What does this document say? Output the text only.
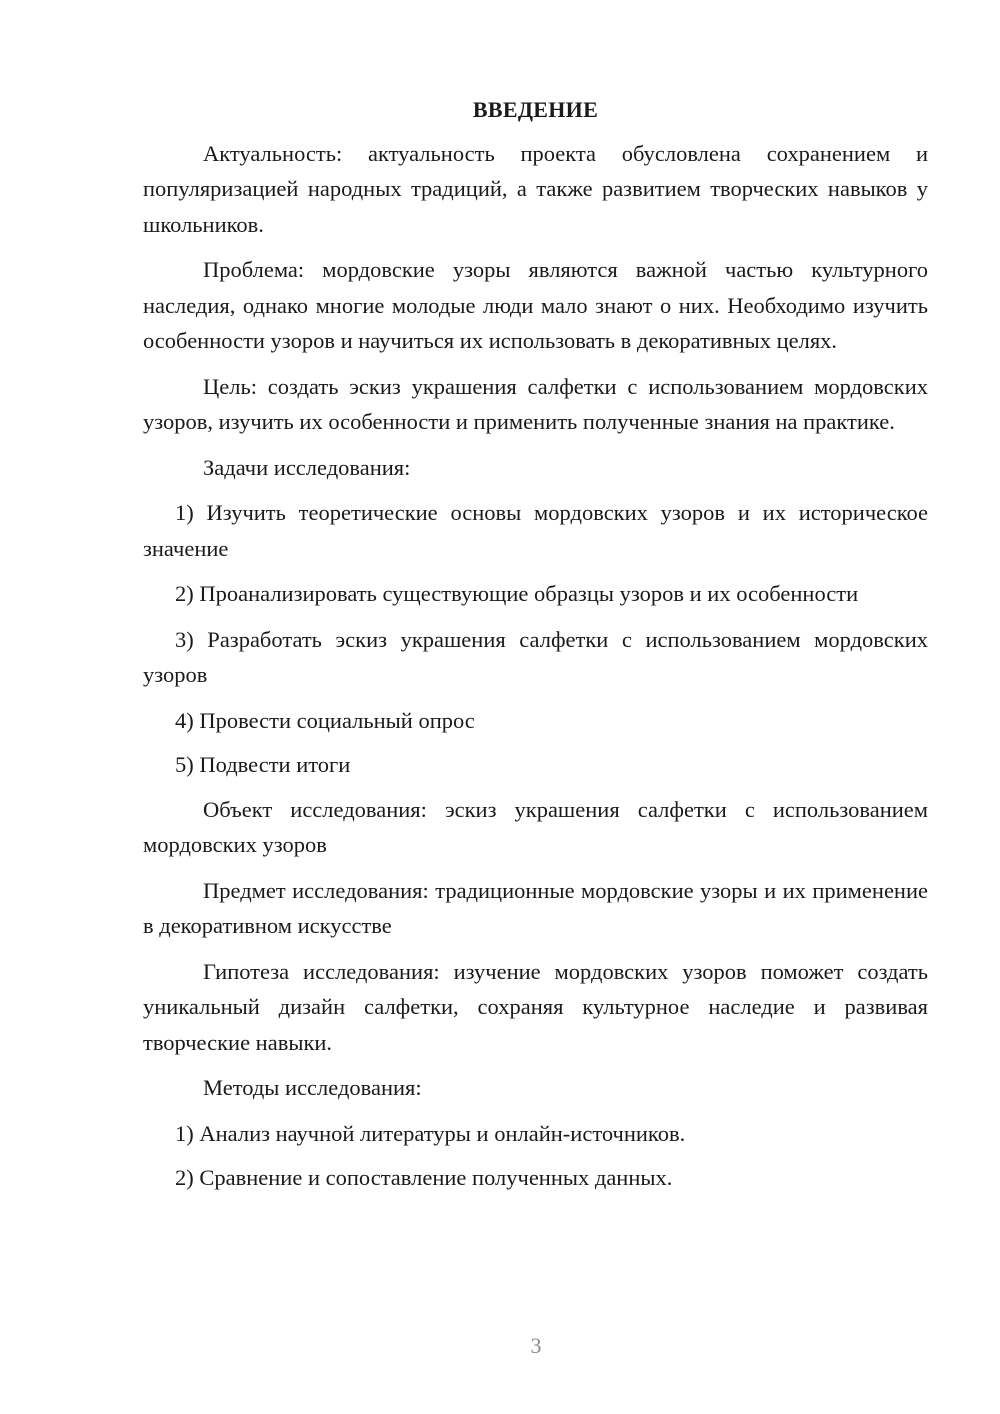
ВВЕДЕНИЕ

Актуальность: актуальность проекта обусловлена сохранением и популяризацией народных традиций, а также развитием творческих навыков у школьников.

Проблема: мордовские узоры являются важной частью культурного наследия, однако многие молодые люди мало знают о них. Необходимо изучить особенности узоров и научиться их использовать в декоративных целях.

Цель: создать эскиз украшения салфетки с использованием мордовских узоров, изучить их особенности и применить полученные знания на практике.

Задачи исследования:

1) Изучить теоретические основы мордовских узоров и их историческое значение

2) Проанализировать существующие образцы узоров и их особенности

3) Разработать эскиз украшения салфетки с использованием мордовских узоров

4) Провести социальный опрос

5) Подвести итоги

Объект исследования: эскиз украшения салфетки с использованием мордовских узоров

Предмет исследования: традиционные мордовские узоры и их применение в декоративном искусстве

Гипотеза исследования: изучение мордовских узоров поможет создать уникальный дизайн салфетки, сохраняя культурное наследие и развивая творческие навыки.

Методы исследования:

1) Анализ научной литературы и онлайн-источников.

2) Сравнение и сопоставление полученных данных.

3
